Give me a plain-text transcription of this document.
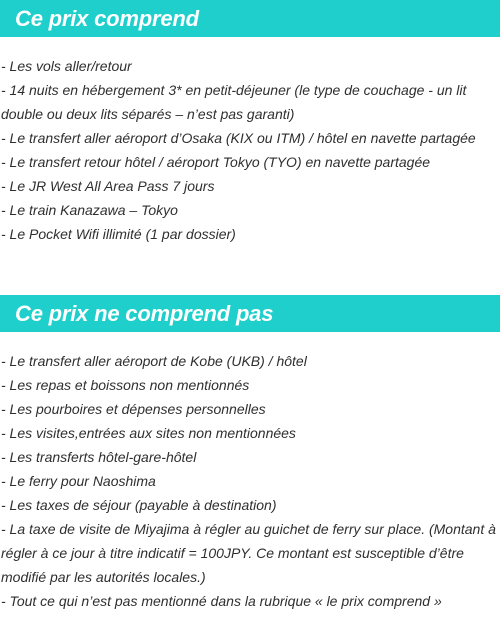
Ce prix comprend
- Les vols aller/retour
- 14 nuits en hébergement 3* en petit-déjeuner (le type de couchage - un lit double ou deux lits séparés – n’est pas garanti)
- Le transfert aller aéroport d’Osaka (KIX ou ITM) / hôtel en navette partagée
- Le transfert retour hôtel / aéroport Tokyo (TYO) en navette partagée
- Le JR West All Area Pass 7 jours
- Le train Kanazawa – Tokyo
- Le Pocket Wifi illimité (1 par dossier)
Ce prix ne comprend pas
- Le transfert aller aéroport de Kobe (UKB) / hôtel
- Les repas et boissons non mentionnés
- Les pourboires et dépenses personnelles
- Les visites,entrées aux sites non mentionnées
- Les transferts hôtel-gare-hôtel
- Le ferry pour Naoshima
- Les taxes de séjour (payable à destination)
- La taxe de visite de Miyajima à régler au guichet de ferry sur place. (Montant à régler à ce jour à titre indicatif = 100JPY. Ce montant est susceptible d’être modifié par les autorités locales.)
- Tout ce qui n’est pas mentionné dans la rubrique « le prix comprend »
